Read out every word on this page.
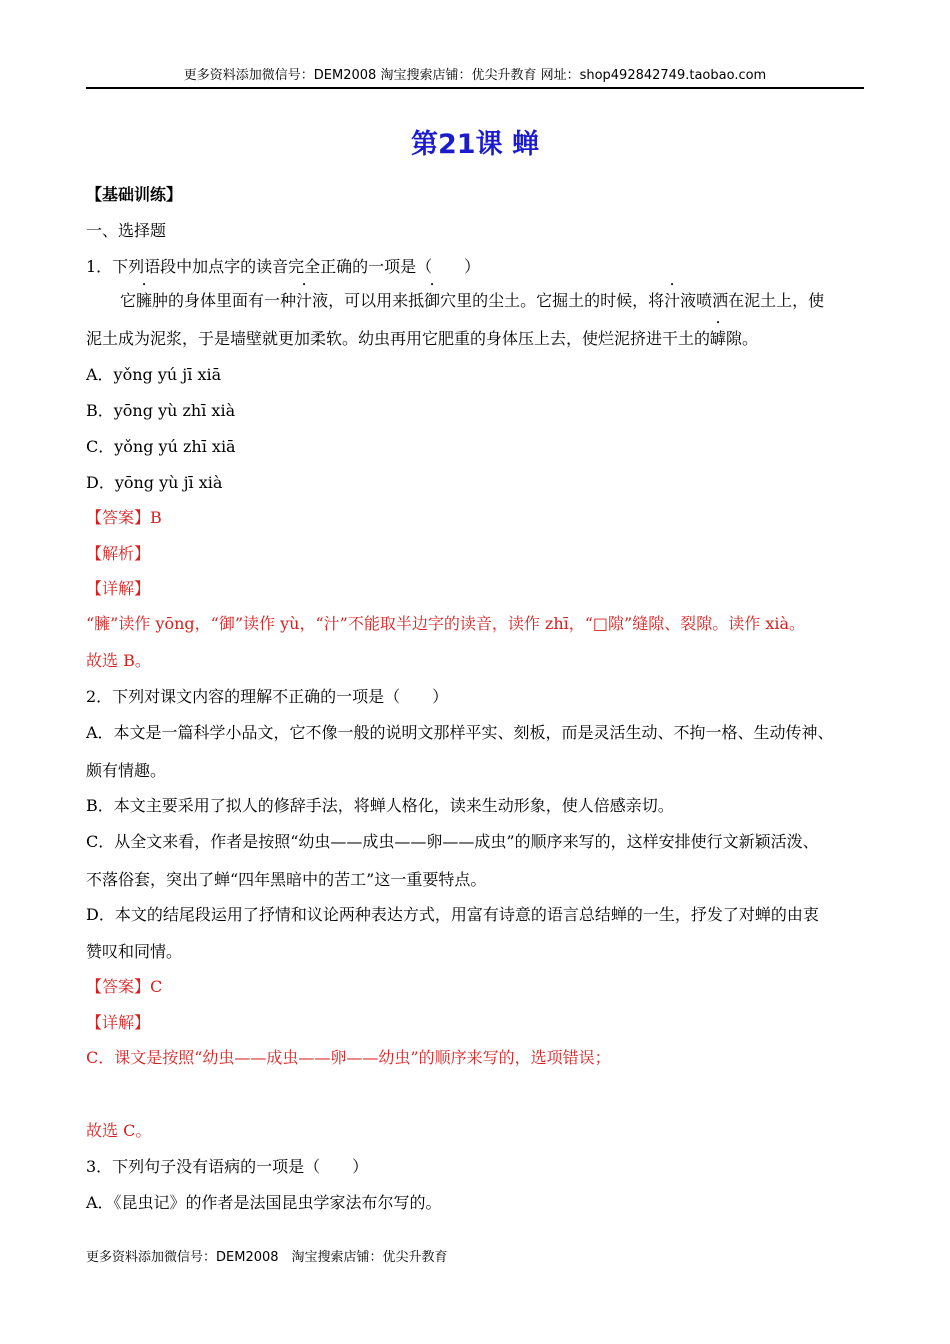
更多资料添加微信号：DEM2008 淘宝搜索店铺：优尖升教育 网址：shop492842749.taobao.com
第21课 蝉
【基础训练】
一、选择题
1．下列语段中加点字的读音完全正确的一项是（　　）
它臃肿的身体里面有一种汁液，可以用来抵御穴里的尘土。它掘土的时候，将汁液喷洒在泥土上，使
泥土成为泥浆，于是墙壁就更加柔软。幼虫再用它肥重的身体压上去，使烂泥挤进干土的罅隙。
A．yǒng yú jī xiā
B．yōng yù zhī xià
C．yǒng yú zhī xiā
D．yōng yù jī xià
【答案】B
【解析】
【详解】
“臃”读作 yōng，“御”读作 yù，“汁”不能取半边字的读音，读作 zhī，“□隙”缝隙、裂隙。读作 xià。
故选 B。
2．下列对课文内容的理解不正确的一项是（　　）
A．本文是一篇科学小品文，它不像一般的说明文那样平实、刻板，而是灵活生动、不拘一格、生动传神、
颇有情趣。
B．本文主要采用了拟人的修辞手法，将蝉人格化，读来生动形象，使人倍感亲切。
C．从全文来看，作者是按照“幼虫——成虫——卵——成虫”的顺序来写的，这样安排使行文新颖活泼、
不落俗套，突出了蝉“四年黑暗中的苦工”这一重要特点。
D．本文的结尾段运用了抒情和议论两种表达方式，用富有诗意的语言总结蝉的一生，抒发了对蝉的由衷
赞叹和同情。
【答案】C
【详解】
C．课文是按照“幼虫——成虫——卵——幼虫”的顺序来写的，选项错误；
故选 C。
3．下列句子没有语病的一项是（　　）
A．《昆虫记》的作者是法国昆虫学家法布尔写的。
更多资料添加微信号：DEM2008　淘宝搜索店铺：优尖升教育
